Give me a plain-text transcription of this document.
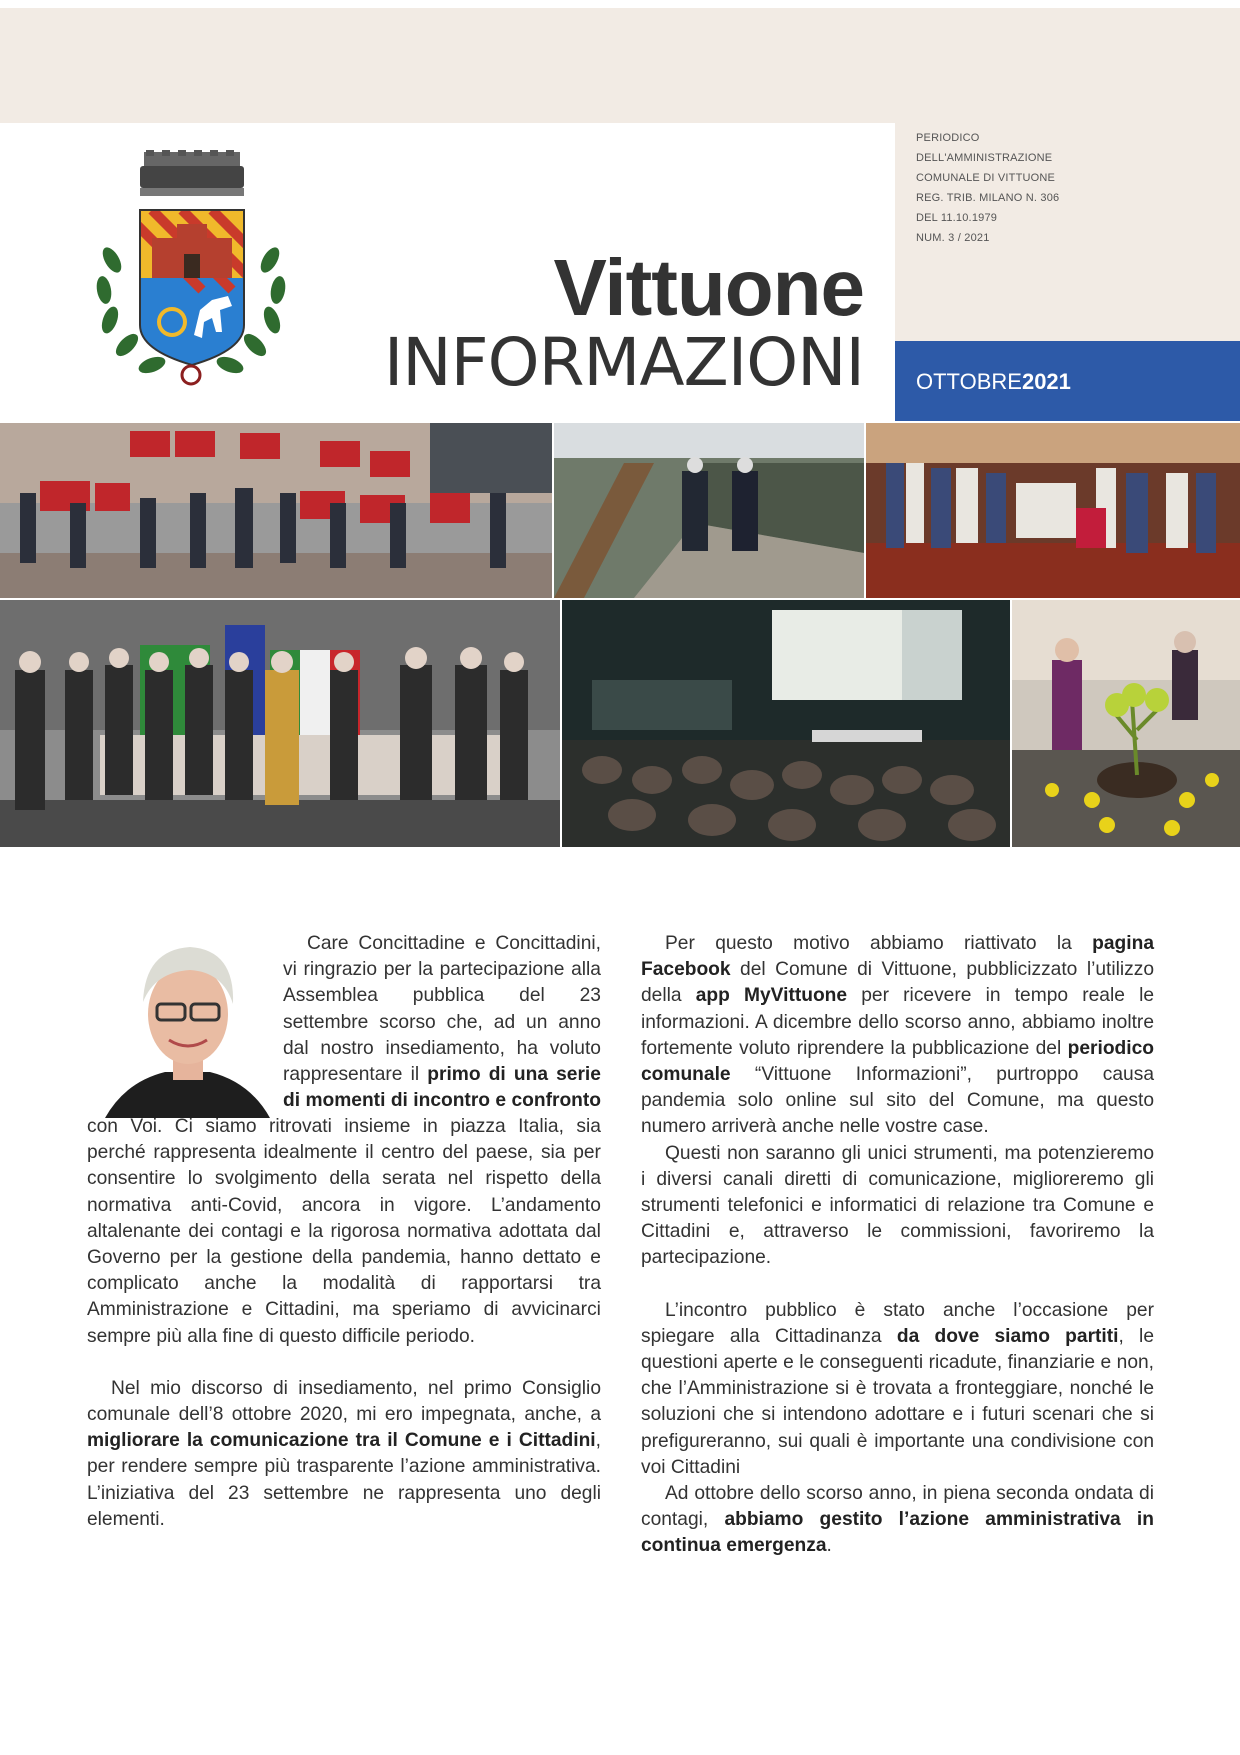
PERIODICO
DELL'AMMINISTRAZIONE
COMUNALE DI VITTUONE
REG. TRIB. MILANO N. 306
DEL 11.10.1979
NUM. 3 / 2021
OTTOBRE2021
Vittuone
INFORMAZIONI

Care Concittadine e Concittadini, vi ringrazio per la partecipazione alla Assemblea pubblica del 23 settembre scorso che, ad un anno dal nostro insediamento, ha voluto rappresentare il primo di una serie di momenti di incontro e confronto

con Voi. Ci siamo ritrovati insieme in piazza Italia, sia perché rappresenta idealmente il centro del paese, sia per consentire lo svolgimento della serata nel rispetto della normativa anti-Covid, ancora in vigore. L’andamento altalenante dei contagi e la rigorosa normativa adottata dal Governo per la gestione della pandemia, hanno dettato e complicato anche la modalità di rapportarsi tra Amministrazione e Cittadini, ma speriamo di avvicinarci sempre più alla fine di questo difficile periodo.

Nel mio discorso di insediamento, nel primo Consiglio comunale dell’8 ottobre 2020, mi ero impegnata, anche, a migliorare la comunicazione tra il Comune e i Cittadini, per rendere sempre più trasparente l’azione amministrativa. L’iniziativa del 23 settembre ne rappresenta uno degli elementi.

Per questo motivo abbiamo riattivato la pagina Facebook del Comune di Vittuone, pubblicizzato l’utilizzo della app MyVittuone per ricevere in tempo reale le informazioni. A dicembre dello scorso anno, abbiamo inoltre fortemente voluto riprendere la pubblicazione del periodico comunale “Vittuone Informazioni”, purtroppo causa pandemia solo online sul sito del Comune, ma questo numero arriverà anche nelle vostre case.

Questi non saranno gli unici strumenti, ma potenzieremo i diversi canali diretti di comunicazione, miglioreremo gli strumenti telefonici e informatici di relazione tra Comune e Cittadini e, attraverso le commissioni, favoriremo la partecipazione.

L’incontro pubblico è stato anche l’occasione per spiegare alla Cittadinanza da dove siamo partiti, le questioni aperte e le conseguenti ricadute, finanziarie e non, che l’Amministrazione si è trovata a fronteggiare, nonché le soluzioni che si intendono adottare e i futuri scenari che si prefigureranno, sui quali è importante una condivisione con voi Cittadini

Ad ottobre dello scorso anno, in piena seconda ondata di contagi, abbiamo gestito l’azione amministrativa in continua emergenza.
